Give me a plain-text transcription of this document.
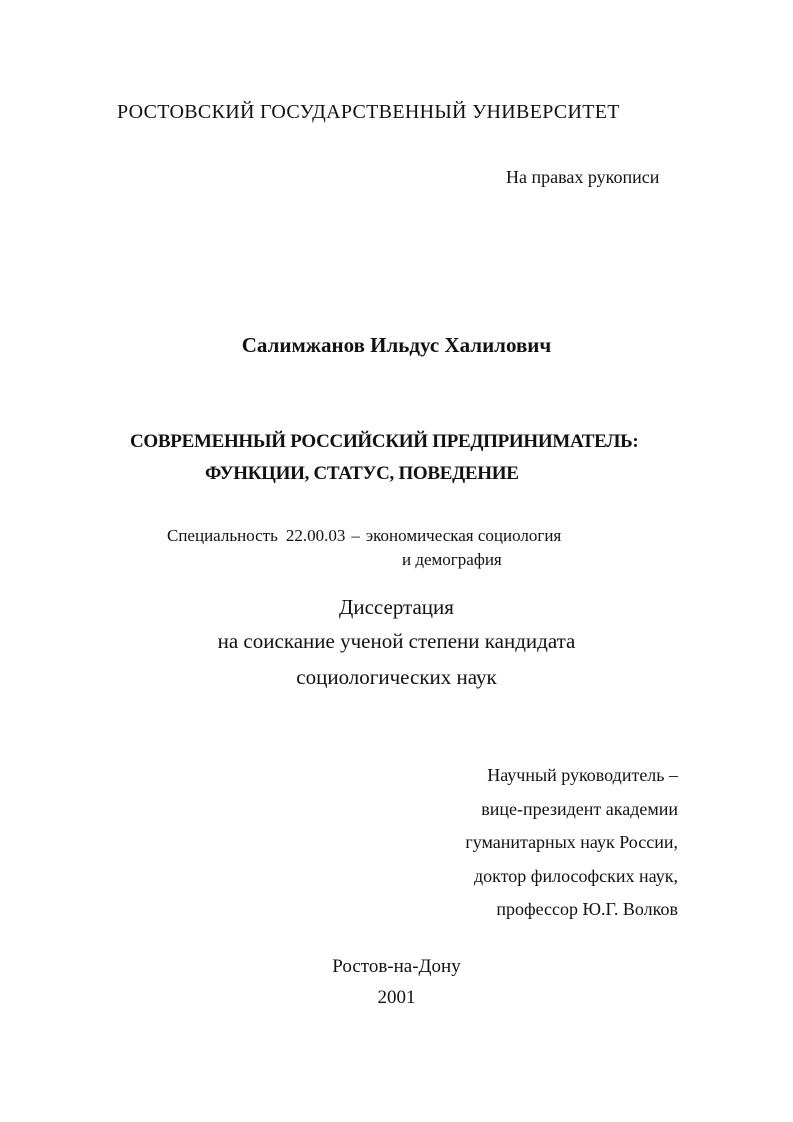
РОСТОВСКИЙ ГОСУДАРСТВЕННЫЙ УНИВЕРСИТЕТ

На правах рукописи

Салимжанов Ильдус Халилович

СОВРЕМЕННЫЙ РОССИЙСКИЙ ПРЕДПРИНИМАТЕЛЬ:

ФУНКЦИИ, СТАТУС, ПОВЕДЕНИЕ

Специальность 22.00.03 – экономическая социология

и демография

Диссертация

на соискание ученой степени кандидата

социологических наук

Научный руководитель –
вице-президент академии
гуманитарных наук России,
доктор философских наук,
профессор Ю.Г. Волков

Ростов-на-Дону

2001
